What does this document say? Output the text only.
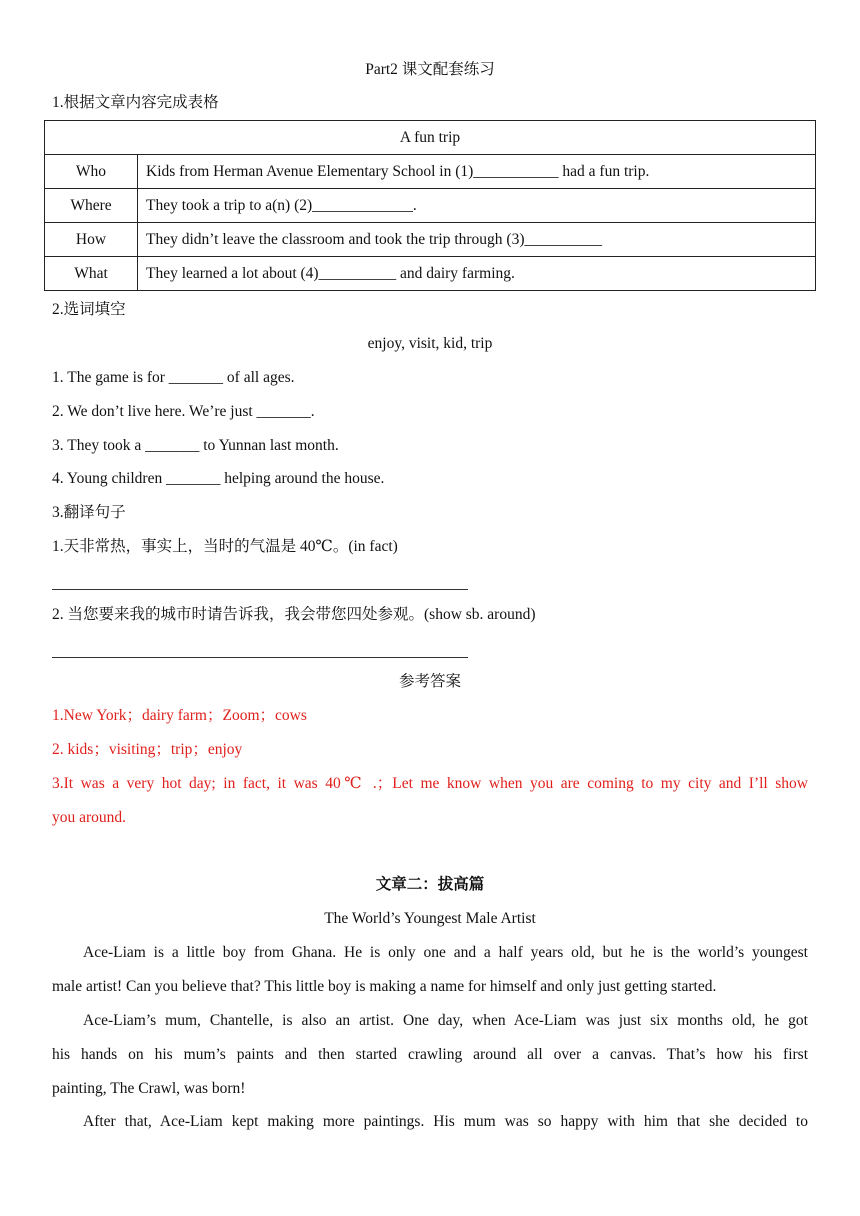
Part2 课文配套练习
1.根据文章内容完成表格
A fun trip	
Who	Kids from Herman Avenue Elementary School in (1)___________ had a fun trip.
Where	They took a trip to a(n) (2)_____________.
How	They didn’t leave the classroom and took the trip through (3)__________
What	They learned a lot about (4)__________ and dairy farming.
2.选词填空
enjoy, visit, kid, trip
1. The game is for _______ of all ages.
2. We don’t live here. We’re just _______.
3. They took a _______ to Yunnan last month.
4. Young children _______ helping around the house.
3.翻译句子
1.天非常热，事实上，当时的气温是 40℃。(in fact)
2. 当您要来我的城市时请告诉我，我会带您四处参观。(show sb. around)
参考答案
1.New York；dairy farm；Zoom；cows
2. kids；visiting；trip；enjoy
3.It was a very hot day; in fact, it was 40℃ .；Let me know when you are coming to my city and I’ll show
you around.
文章二：拔高篇
The World’s Youngest Male Artist
Ace-Liam is a little boy from Ghana. He is only one and a half years old, but he is the world’s youngest
male artist! Can you believe that? This little boy is making a name for himself and only just getting started.
Ace-Liam’s mum, Chantelle, is also an artist. One day, when Ace-Liam was just six months old, he got
his hands on his mum’s paints and then started crawling around all over a canvas. That’s how his first
painting, The Crawl, was born!
After that, Ace-Liam kept making more paintings. His mum was so happy with him that she decided to
